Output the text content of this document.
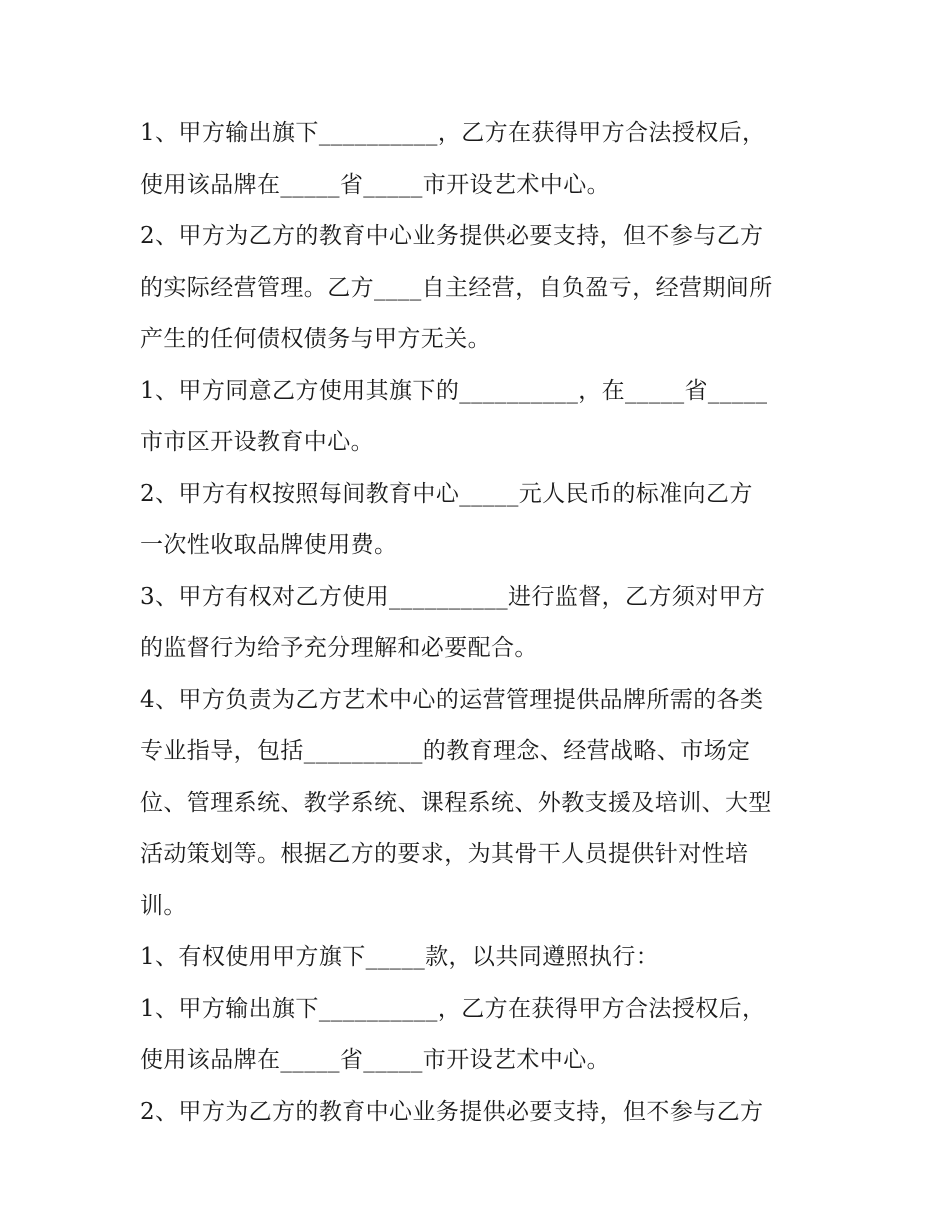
1、甲方输出旗下__________，乙方在获得甲方合法授权后，
使用该品牌在_____省_____市开设艺术中心。
2、甲方为乙方的教育中心业务提供必要支持，但不参与乙方
的实际经营管理。乙方____自主经营，自负盈亏，经营期间所
产生的任何债权债务与甲方无关。
1、甲方同意乙方使用其旗下的__________，在_____省_____
市市区开设教育中心。
2、甲方有权按照每间教育中心_____元人民币的标准向乙方
一次性收取品牌使用费。
3、甲方有权对乙方使用__________进行监督，乙方须对甲方
的监督行为给予充分理解和必要配合。
4、甲方负责为乙方艺术中心的运营管理提供品牌所需的各类
专业指导，包括__________的教育理念、经营战略、市场定
位、管理系统、教学系统、课程系统、外教支援及培训、大型
活动策划等。根据乙方的要求，为其骨干人员提供针对性培
训。
1、有权使用甲方旗下_____款，以共同遵照执行：
1、甲方输出旗下__________，乙方在获得甲方合法授权后，
使用该品牌在_____省_____市开设艺术中心。
2、甲方为乙方的教育中心业务提供必要支持，但不参与乙方
